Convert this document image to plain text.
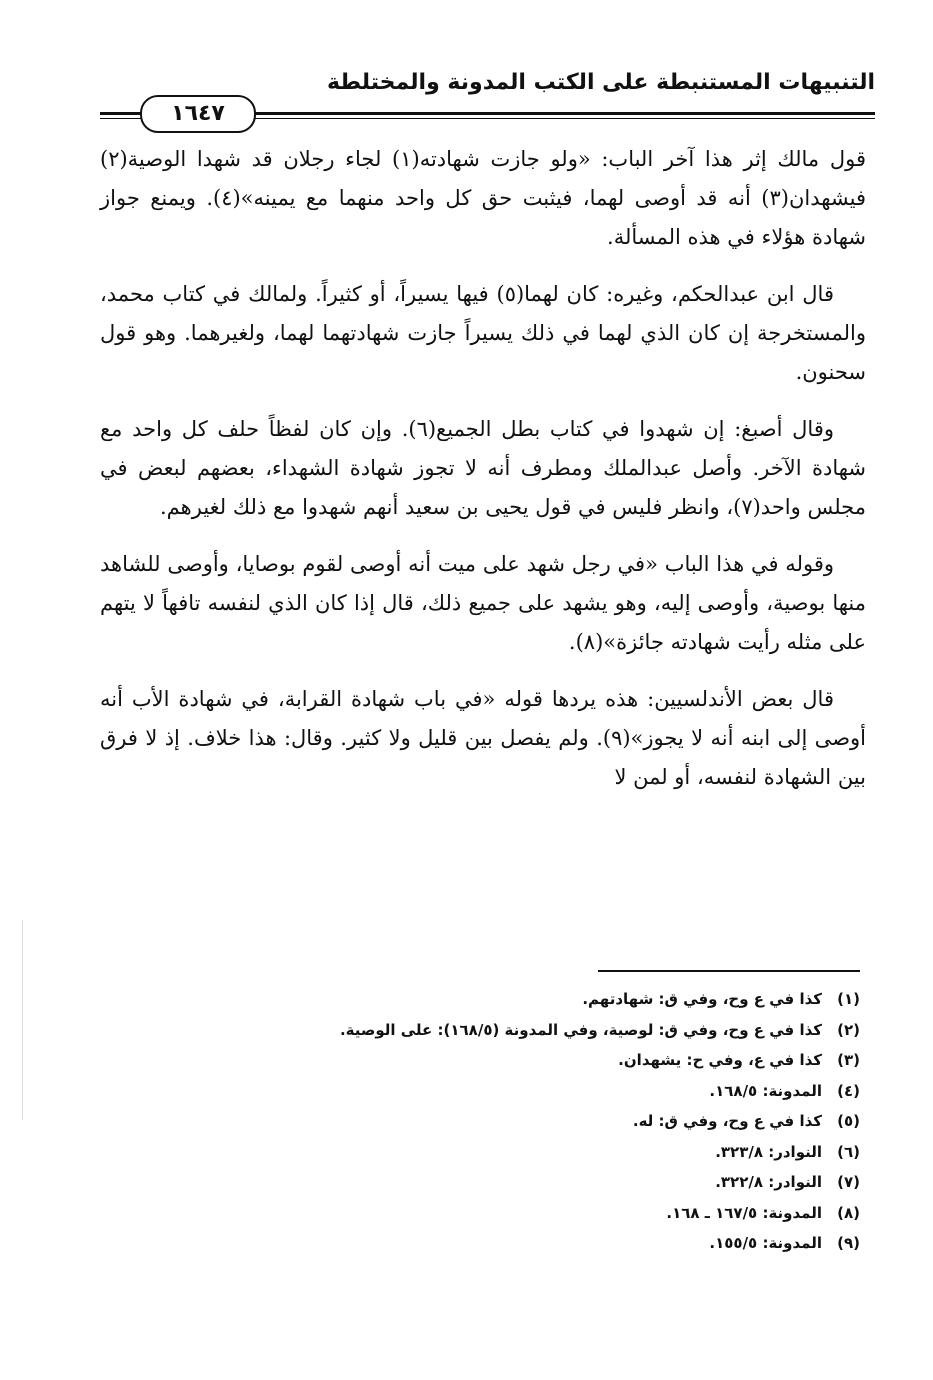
التنبيهات المستنبطة على الكتب المدونة والمختلطة
١٦٤٧

قول مالك إثر هذا آخر الباب: «ولو جازت شهادته(١) لجاء رجلان قد شهدا الوصية(٢) فيشهدان(٣) أنه قد أوصى لهما، فيثبت حق كل واحد منهما مع يمينه»(٤). ويمنع جواز شهادة هؤلاء في هذه المسألة.

قال ابن عبدالحكم، وغيره: كان لهما(٥) فيها يسيراً، أو كثيراً. ولمالك في كتاب محمد، والمستخرجة إن كان الذي لهما في ذلك يسيراً جازت شهادتهما لهما، ولغيرهما. وهو قول سحنون.

وقال أصبغ: إن شهدوا في كتاب بطل الجميع(٦). وإن كان لفظاً حلف كل واحد مع شهادة الآخر. وأصل عبدالملك ومطرف أنه لا تجوز شهادة الشهداء، بعضهم لبعض في مجلس واحد(٧)، وانظر فليس في قول يحيى بن سعيد أنهم شهدوا مع ذلك لغيرهم.

وقوله في هذا الباب «في رجل شهد على ميت أنه أوصى لقوم بوصايا، وأوصى للشاهد منها بوصية، وأوصى إليه، وهو يشهد على جميع ذلك، قال إذا كان الذي لنفسه تافهاً لا يتهم على مثله رأيت شهادته جائزة»(٨).

قال بعض الأندلسيين: هذه يردها قوله «في باب شهادة القرابة، في شهادة الأب أنه أوصى إلى ابنه أنه لا يجوز»(٩). ولم يفصل بين قليل ولا كثير. وقال: هذا خلاف. إذ لا فرق بين الشهادة لنفسه، أو لمن لا

(١)كذا في ع وح، وفي ق: شهادتهم.
(٢)كذا في ع وح، وفي ق: لوصية، وفي المدونة (١٦٨/٥): على الوصية.
(٣)كذا في ع، وفي ح: يشهدان.
(٤)المدونة: ١٦٨/٥.
(٥)كذا في ع وح، وفي ق: له.
(٦)النوادر: ٣٢٣/٨.
(٧)النوادر: ٣٢٢/٨.
(٨)المدونة: ١٦٧/٥ ـ ١٦٨.
(٩)المدونة: ١٥٥/٥.
